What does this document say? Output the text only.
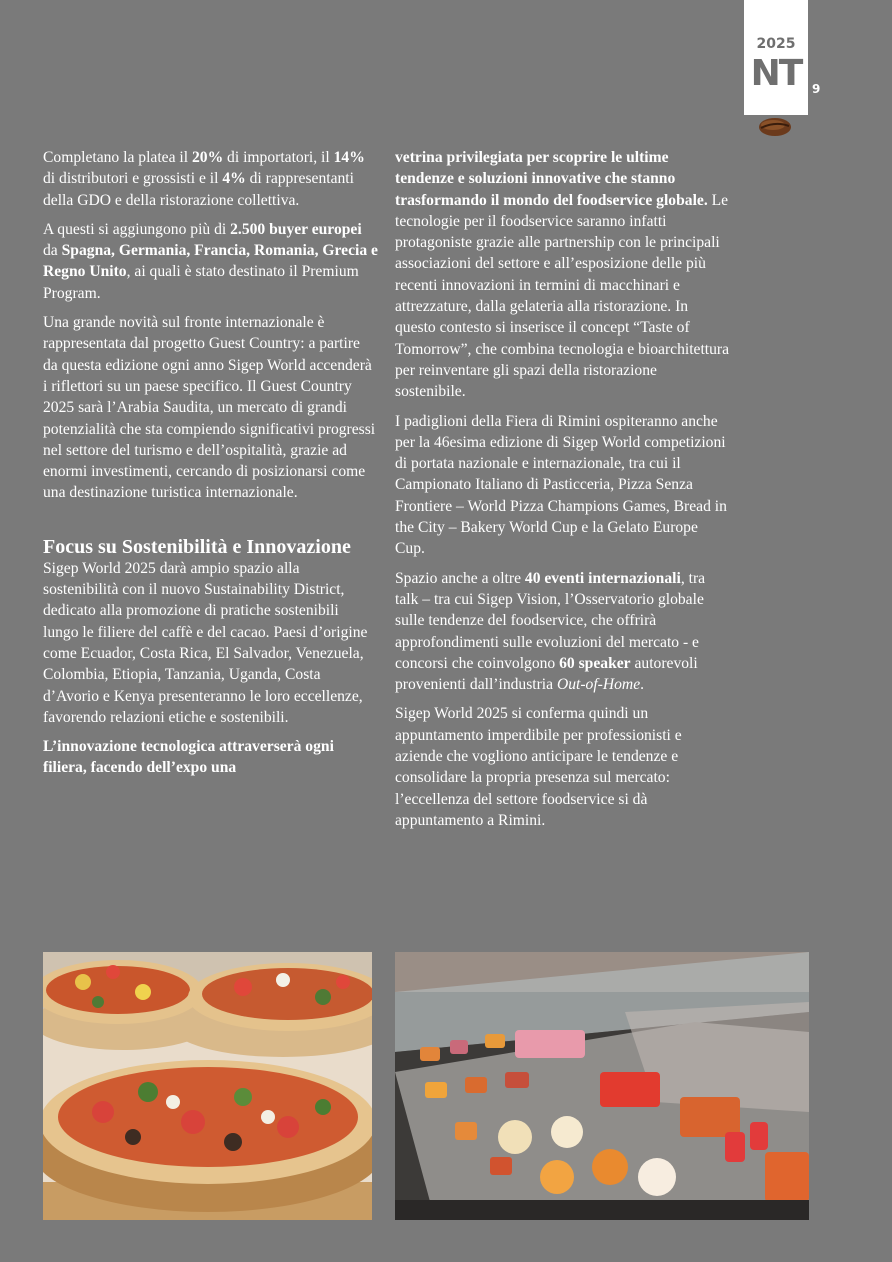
2025
NT
gennaio
9

Completano la platea il 20% di importatori, il 14% di distributori e grossisti e il 4% di rappresentanti della GDO e della ristorazione collettiva.

A questi si aggiungono più di 2.500 buyer europei da Spagna, Germania, Francia, Romania, Grecia e Regno Unito, ai quali è stato destinato il Premium Program.

Una grande novità sul fronte internazionale è rappresentata dal progetto Guest Country: a partire da questa edizione ogni anno Sigep World accenderà i riflettori su un paese specifico. Il Guest Country 2025 sarà l’Arabia Saudita, un mercato di grandi potenzialità che sta compiendo significativi progressi nel settore del turismo e dell’ospitalità, grazie ad enormi investimenti, cercando di posizionarsi come una destinazione turistica internazionale.

Focus su Sostenibilità e Innovazione

Sigep World 2025 darà ampio spazio alla sostenibilità con il nuovo Sustainability District, dedicato alla promozione di pratiche sostenibili lungo le filiere del caffè e del cacao. Paesi d’origine come Ecuador, Costa Rica, El Salvador, Venezuela, Colombia, Etiopia, Tanzania, Uganda, Costa d’Avorio e Kenya presenteranno le loro eccellenze, favorendo relazioni etiche e sostenibili.

L’innovazione tecnologica attraverserà ogni filiera, facendo dell’expo una

vetrina privilegiata per scoprire le ultime tendenze e soluzioni innovative che stanno trasformando il mondo del foodservice globale. Le tecnologie per il foodservice saranno infatti protagoniste grazie alle partnership con le principali associazioni del settore e all’esposizione delle più recenti innovazioni in termini di macchinari e attrezzature, dalla gelateria alla ristorazione. In questo contesto si inserisce il concept “Taste of Tomorrow”, che combina tecnologia e bioarchitettura per reinventare gli spazi della ristorazione sostenibile.

I padiglioni della Fiera di Rimini ospiteranno anche per la 46esima edizione di Sigep World competizioni di portata nazionale e internazionale, tra cui il Campionato Italiano di Pasticceria, Pizza Senza Frontiere – World Pizza Champions Games, Bread in the City – Bakery World Cup e la Gelato Europe Cup.

Spazio anche a oltre 40 eventi internazionali, tra talk – tra cui Sigep Vision, l’Osservatorio globale sulle tendenze del foodservice, che offrirà approfondimenti sulle evoluzioni del mercato - e concorsi che coinvolgono 60 speaker autorevoli provenienti dall’industria Out-of-Home.

Sigep World 2025 si conferma quindi un appuntamento imperdibile per professionisti e aziende che vogliono anticipare le tendenze e consolidare la propria presenza sul mercato: l’eccellenza del settore foodservice si dà appuntamento a Rimini.
